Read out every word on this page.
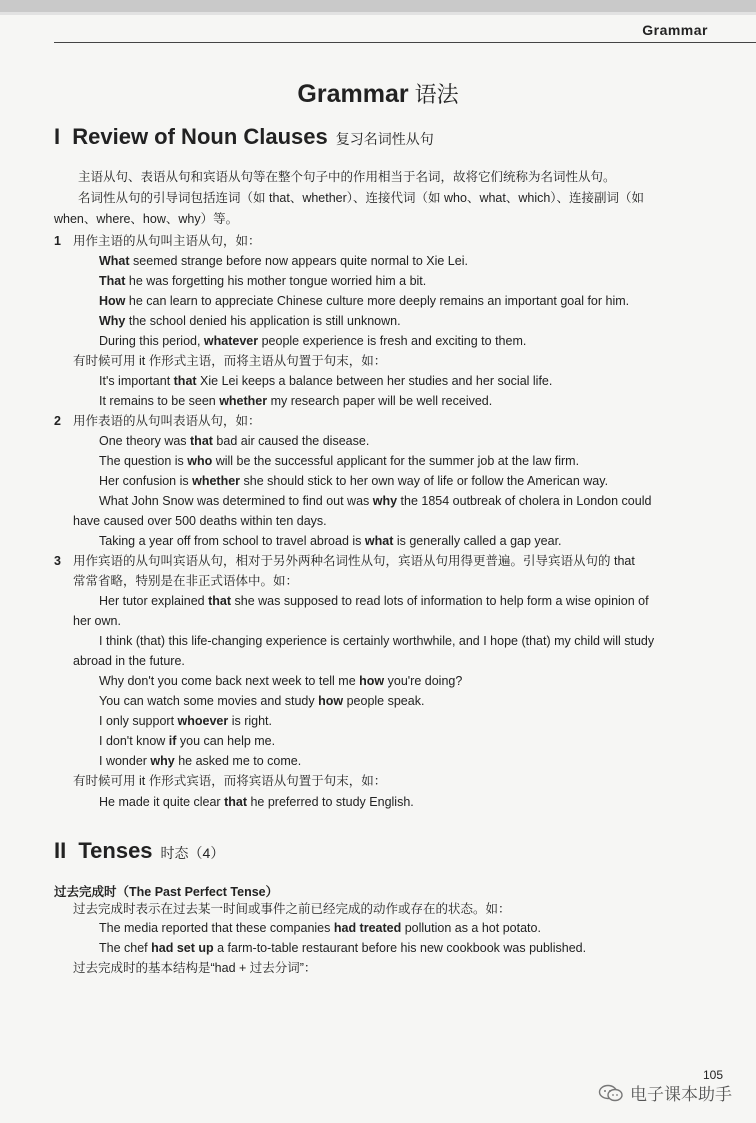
Grammar
Grammar 语法
I Review of Noun Clauses 复习名词性从句
主语从句、表语从句和宾语从句等在整个句子中的作用相当于名词，故将它们统称为名词性从句。
名词性从句的引导词包括连词（如 that、whether）、连接代词（如 who、what、which）、连接副词（如
when、where、how、why）等。
1 用作主语的从句叫主语从句，如：
What seemed strange before now appears quite normal to Xie Lei.
That he was forgetting his mother tongue worried him a bit.
How he can learn to appreciate Chinese culture more deeply remains an important goal for him.
Why the school denied his application is still unknown.
During this period, whatever people experience is fresh and exciting to them.
有时候可用 it 作形式主语，而将主语从句置于句末，如：
It's important that Xie Lei keeps a balance between her studies and her social life.
It remains to be seen whether my research paper will be well received.
2 用作表语的从句叫表语从句，如：
One theory was that bad air caused the disease.
The question is who will be the successful applicant for the summer job at the law firm.
Her confusion is whether she should stick to her own way of life or follow the American way.
What John Snow was determined to find out was why the 1854 outbreak of cholera in London could
have caused over 500 deaths within ten days.
Taking a year off from school to travel abroad is what is generally called a gap year.
3 用作宾语的从句叫宾语从句，相对于另外两种名词性从句，宾语从句用得更普遍。引导宾语从句的 that
常常省略，特别是在非正式语体中。如：
Her tutor explained that she was supposed to read lots of information to help form a wise opinion of
her own.
I think (that) this life-changing experience is certainly worthwhile, and I hope (that) my child will study
abroad in the future.
Why don't you come back next week to tell me how you're doing?
You can watch some movies and study how people speak.
I only support whoever is right.
I don't know if you can help me.
I wonder why he asked me to come.
有时候可用 it 作形式宾语，而将宾语从句置于句末，如：
He made it quite clear that he preferred to study English.
II Tenses 时态（4）
过去完成时（The Past Perfect Tense）
过去完成时表示在过去某一时间或事件之前已经完成的动作或存在的状态。如：
The media reported that these companies had treated pollution as a hot potato.
The chef had set up a farm-to-table restaurant before his new cookbook was published.
过去完成时的基本结构是“had + 过去分词”：
105
电子课本助手
